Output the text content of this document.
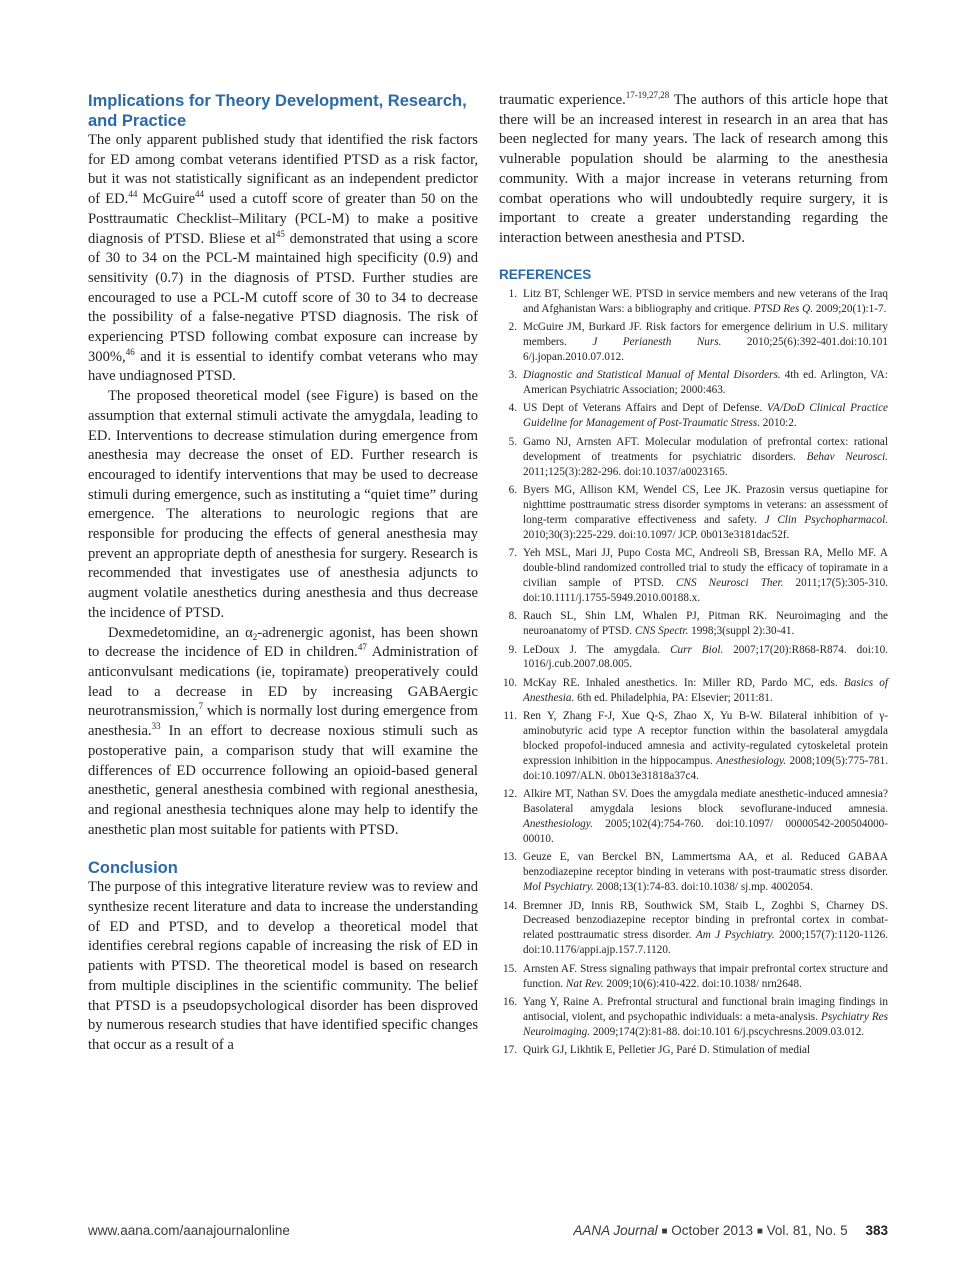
Implications for Theory Development, Research, and Practice

The only apparent published study that identified the risk factors for ED among combat veterans identified PTSD as a risk factor, but it was not statistically significant as an independent predictor of ED.$^{44}$ McGuire$^{44}$ used a cutoff score of greater than 50 on the Posttraumatic Checklist–Military (PCL-M) to make a positive diagnosis of PTSD. Bliese et $al^{45}$ demonstrated that using a score of 30 to 34 on the PCL-M maintained high specificity (0.9) and sensitivity (0.7) in the diagnosis of PTSD. Further studies are encouraged to use a PCL-M cutoff score of 30 to 34 to decrease the possibility of a false-negative PTSD diagnosis. The risk of experiencing PTSD following combat exposure can increase by 300%,$^{46}$ and it is essential to identify combat veterans who may have undiagnosed PTSD.

The proposed theoretical model (see Figure) is based on the assumption that external stimuli activate the amygdala, leading to ED. Interventions to decrease stimulation during emergence from anesthesia may decrease the onset of ED. Further research is encouraged to identify interventions that may be used to decrease stimuli during emergence, such as instituting a “quiet time” during emergence. The alterations to neurologic regions that are responsible for producing the effects of general anesthesia may prevent an appropriate depth of anesthesia for surgery. Research is recommended that investigates use of anesthesia adjuncts to augment volatile anesthetics during anesthesia and thus decrease the incidence of PTSD.

Dexmedetomidine, an $\alpha_2$-adrenergic agonist, has been shown to decrease the incidence of ED in children.$^{47}$ Administration of anticonvulsant medications (ie, topiramate) preoperatively could lead to a decrease in ED by increasing GABAergic neurotransmission,$^7$ which is normally lost during emergence from anesthesia.$^{33}$ In an effort to decrease noxious stimuli such as postoperative pain, a comparison study that will examine the differences of ED occurrence following an opioid-based general anesthetic, general anesthesia combined with regional anesthesia, and regional anesthesia techniques alone may help to identify the anesthetic plan most suitable for patients with PTSD.

Conclusion

The purpose of this integrative literature review was to review and synthesize recent literature and data to increase the understanding of ED and PTSD, and to develop a theoretical model that identifies cerebral regions capable of increasing the risk of ED in patients with PTSD. The theoretical model is based on research from multiple disciplines in the scientific community. The belief that PTSD is a pseudopsychological disorder has been disproved by numerous research studies that have identified specific changes that occur as a result of a

traumatic experience.$^{17-19,27,28}$ The authors of this article hope that there will be an increased interest in research in an area that has been neglected for many years. The lack of research among this vulnerable population should be alarming to the anesthesia community. With a major increase in veterans returning from combat operations who will undoubtedly require surgery, it is important to create a greater understanding regarding the interaction between anesthesia and PTSD.

REFERENCES
1. Litz BT, Schlenger WE. PTSD in service members and new veterans of the Iraq and Afghanistan Wars: a bibliography and critique. PTSD Res Q. 2009;20(1):1-7.
2. McGuire JM, Burkard JF. Risk factors for emergence delirium in U.S. military members. J Perianesth Nurs. 2010;25(6):392-401.doi:10.101 6/j.jopan.2010.07.012.
3. Diagnostic and Statistical Manual of Mental Disorders. 4th ed. Arlington, VA: American Psychiatric Association; 2000:463.
4. US Dept of Veterans Affairs and Dept of Defense. VA/DoD Clinical Practice Guideline for Management of Post-Traumatic Stress. 2010:2.
5. Gamo NJ, Arnsten AFT. Molecular modulation of prefrontal cortex: rational development of treatments for psychiatric disorders. Behav Neurosci. 2011;125(3):282-296. doi:10.1037/a0023165.
6. Byers MG, Allison KM, Wendel CS, Lee JK. Prazosin versus quetiapine for nighttime posttraumatic stress disorder symptoms in veterans: an assessment of long-term comparative effectiveness and safety. J Clin Psychopharmacol. 2010;30(3):225-229. doi:10.1097/ JCP. 0b013e3181dac52f.
7. Yeh MSL, Mari JJ, Pupo Costa MC, Andreoli SB, Bressan RA, Mello MF. A double-blind randomized controlled trial to study the efficacy of topiramate in a civilian sample of PTSD. CNS Neurosci Ther. 2011;17(5):305-310. doi:10.1111/j.1755-5949.2010.00188.x.
8. Rauch SL, Shin LM, Whalen PJ, Pitman RK. Neuroimaging and the neuroanatomy of PTSD. CNS Spectr. 1998;3(suppl 2):30-41.
9. LeDoux J. The amygdala. Curr Biol. 2007;17(20):R868-R874. doi:10. 1016/j.cub.2007.08.005.
10. McKay RE. Inhaled anesthetics. In: Miller RD, Pardo MC, eds. Basics of Anesthesia. 6th ed. Philadelphia, PA: Elsevier; 2011:81.
11. Ren Y, Zhang F-J, Xue Q-S, Zhao X, Yu B-W. Bilateral inhibition of γ-aminobutyric acid type A receptor function within the basolateral amygdala blocked propofol-induced amnesia and activity-regulated cytoskeletal protein expression inhibition in the hippocampus. Anesthesiology. 2008;109(5):775-781. doi:10.1097/ALN. 0b013e31818a37c4.
12. Alkire MT, Nathan SV. Does the amygdala mediate anesthetic-induced amnesia? Basolateral amygdala lesions block sevoflurane-induced amnesia. Anesthesiology. 2005;102(4):754-760. doi:10.1097/ 00000542-200504000-00010.
13. Geuze E, van Berckel BN, Lammertsma AA, et al. Reduced GABAA benzodiazepine receptor binding in veterans with post-traumatic stress disorder. Mol Psychiatry. 2008;13(1):74-83. doi:10.1038/ sj.mp. 4002054.
14. Bremner JD, Innis RB, Southwick SM, Staib L, Zoghbi S, Charney DS. Decreased benzodiazepine receptor binding in prefrontal cortex in combat-related posttraumatic stress disorder. Am J Psychiatry. 2000;157(7):1120-1126. doi:10.1176/appi.ajp.157.7.1120.
15. Arnsten AF. Stress signaling pathways that impair prefrontal cortex structure and function. Nat Rev. 2009;10(6):410-422. doi:10.1038/ nrn2648.
16. Yang Y, Raine A. Prefrontal structural and functional brain imaging findings in antisocial, violent, and psychopathic individuals: a meta-analysis. Psychiatry Res Neuroimaging. 2009;174(2):81-88. doi:10.101 6/j.pscychresns.2009.03.012.
17. Quirk GJ, Likhtik E, Pelletier JG, Paré D. Stimulation of medial
www.aana.com/aanajournalonline	AANA Journal ■ October 2013 ■ Vol. 81, No. 5 383
